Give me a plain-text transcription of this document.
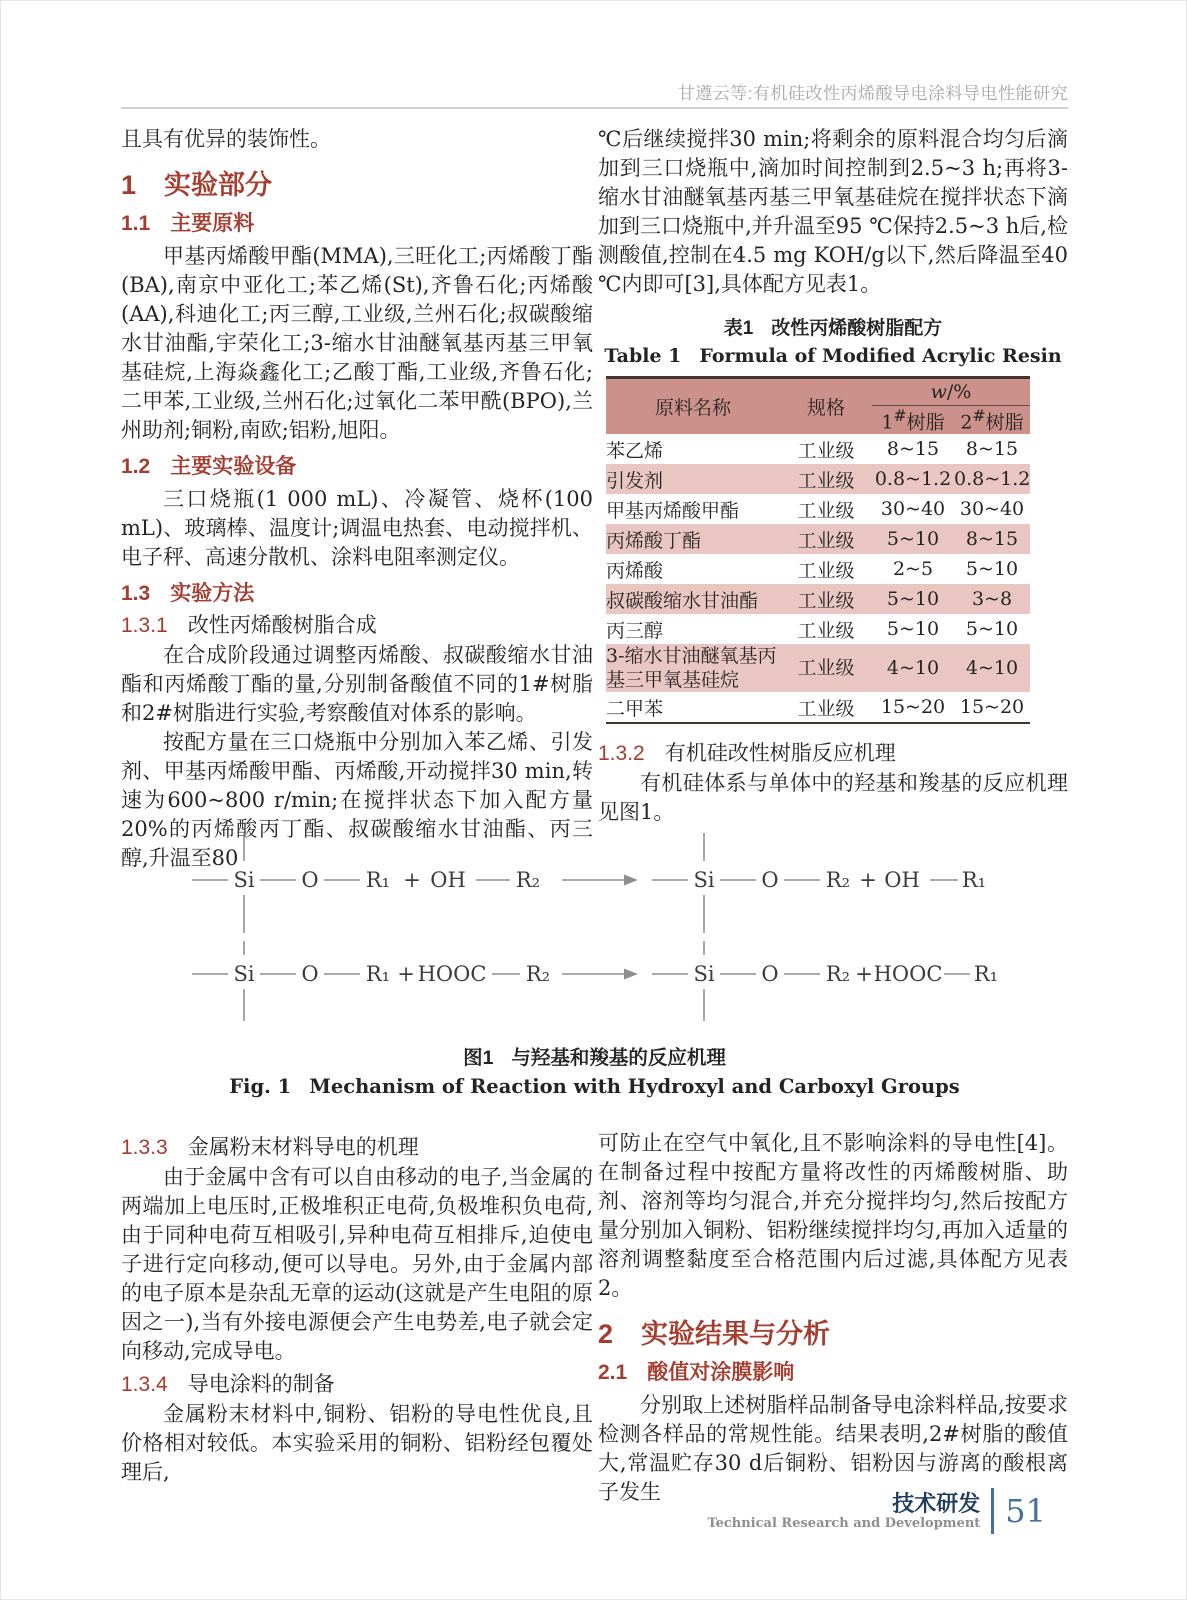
甘遵云等:有机硅改性丙烯酸导电涂料导电性能研究

且具有优异的装饰性。

1 实验部分
1.1 主要原料

甲基丙烯酸甲酯(MMA),三旺化工;丙烯酸丁酯(BA),南京中亚化工;苯乙烯(St),齐鲁石化;丙烯酸(AA),科迪化工;丙三醇,工业级,兰州石化;叔碳酸缩水甘油酯,宇荣化工;3-缩水甘油醚氧基丙基三甲氧基硅烷,上海焱鑫化工;乙酸丁酯,工业级,齐鲁石化;二甲苯,工业级,兰州石化;过氧化二苯甲酰(BPO),兰州助剂;铜粉,南欧;铝粉,旭阳。

1.2 主要实验设备

三口烧瓶(1 000 mL)、冷凝管、烧杯(100 mL)、玻璃棒、温度计;调温电热套、电动搅拌机、电子秤、高速分散机、涂料电阻率测定仪。

1.3 实验方法
1.3.1 改性丙烯酸树脂合成

在合成阶段通过调整丙烯酸、叔碳酸缩水甘油酯和丙烯酸丁酯的量,分别制备酸值不同的1#树脂和2#树脂进行实验,考察酸值对体系的影响。

按配方量在三口烧瓶中分别加入苯乙烯、引发剂、甲基丙烯酸甲酯、丙烯酸,开动搅拌30 min,转速为600~800 r/min;在搅拌状态下加入配方量20%的丙烯酸丙丁酯、叔碳酸缩水甘油酯、丙三醇,升温至80

℃后继续搅拌30 min;将剩余的原料混合均匀后滴加到三口烧瓶中,滴加时间控制到2.5~3 h;再将3-缩水甘油醚氧基丙基三甲氧基硅烷在搅拌状态下滴加到三口烧瓶中,并升温至95 ℃保持2.5~3 h后,检测酸值,控制在4.5 mg KOH/g以下,然后降温至40 ℃内即可[3],具体配方见表1。

表1 改性丙烯酸树脂配方
Table 1 Formula of Modified Acrylic Resin
原料名称	规格	w/%	
		1#树脂	2#树脂
苯乙烯	工业级	8~15	8~15
引发剂	工业级	0.8~1.2	0.8~1.2
甲基丙烯酸甲酯	工业级	30~40	30~40
丙烯酸丁酯	工业级	5~10	8~15
丙烯酸	工业级	2~5	5~10
叔碳酸缩水甘油酯	工业级	5~10	3~8
丙三醇	工业级	5~10	5~10
3-缩水甘油醚氧基丙基三甲氧基硅烷	工业级	4~10	4~10
二甲苯	工业级	15~20	15~20
1.3.2 有机硅改性树脂反应机理

有机硅体系与单体中的羟基和羧基的反应机理见图1。

Si O R₁ + OH R₂	Si O R₂ + OH R₁
Si O R₁ + HOOC R₂	Si O R₂ + HOOC R₁
图1 与羟基和羧基的反应机理
Fig. 1 Mechanism of Reaction with Hydroxyl and Carboxyl Groups
1.3.3 金属粉末材料导电的机理

由于金属中含有可以自由移动的电子,当金属的两端加上电压时,正极堆积正电荷,负极堆积负电荷,由于同种电荷互相吸引,异种电荷互相排斥,迫使电子进行定向移动,便可以导电。另外,由于金属内部的电子原本是杂乱无章的运动(这就是产生电阻的原因之一),当有外接电源便会产生电势差,电子就会定向移动,完成导电。

1.3.4 导电涂料的制备

金属粉末材料中,铜粉、铝粉的导电性优良,且价格相对较低。本实验采用的铜粉、铝粉经包覆处理后,

可防止在空气中氧化,且不影响涂料的导电性[4]。在制备过程中按配方量将改性的丙烯酸树脂、助剂、溶剂等均匀混合,并充分搅拌均匀,然后按配方量分别加入铜粉、铝粉继续搅拌均匀,再加入适量的溶剂调整黏度至合格范围内后过滤,具体配方见表2。

2 实验结果与分析
2.1 酸值对涂膜影响

分别取上述树脂样品制备导电涂料样品,按要求检测各样品的常规性能。结果表明,2#树脂的酸值大,常温贮存30 d后铜粉、铝粉因与游离的酸根离子发生	技术研发
Technical Research and Development 51
